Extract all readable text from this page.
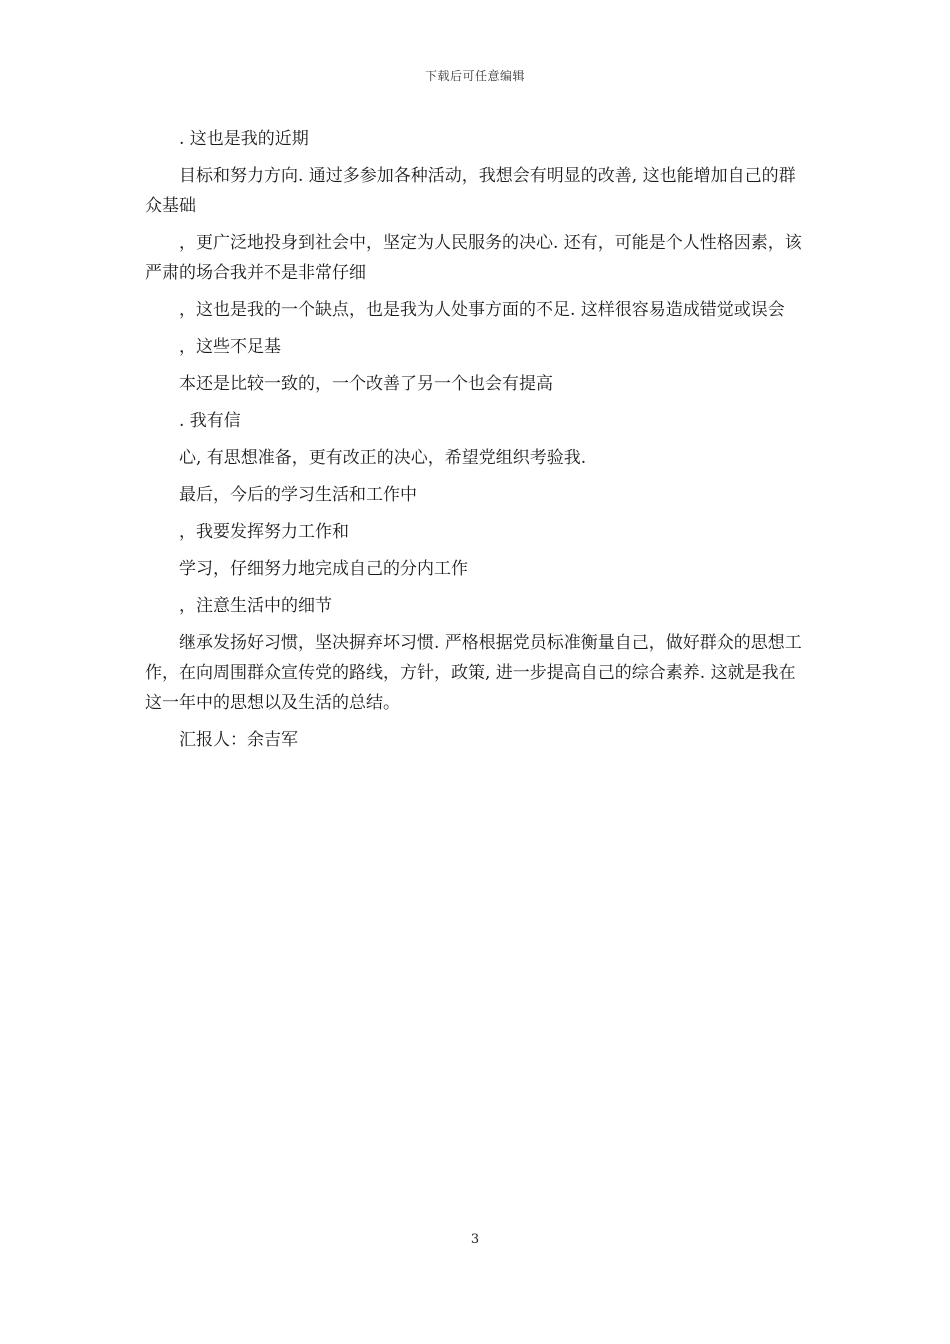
下载后可任意编辑

. 这也是我的近期

目标和努力方向. 通过多参加各种活动，我想会有明显的改善, 这也能增加自己的群众基础

，更广泛地投身到社会中，坚定为人民服务的决心. 还有，可能是个人性格因素，该严肃的场合我并不是非常仔细

，这也是我的一个缺点，也是我为人处事方面的不足. 这样很容易造成错觉或误会

，这些不足基

本还是比较一致的，一个改善了另一个也会有提高

. 我有信

心, 有思想准备，更有改正的决心，希望党组织考验我.

最后，今后的学习生活和工作中

，我要发挥努力工作和

学习，仔细努力地完成自己的分内工作

，注意生活中的细节

继承发扬好习惯，坚决摒弃坏习惯. 严格根据党员标准衡量自己，做好群众的思想工作，在向周围群众宣传党的路线，方针，政策, 进一步提高自己的综合素养. 这就是我在这一年中的思想以及生活的总结。

汇报人：余吉军

3
